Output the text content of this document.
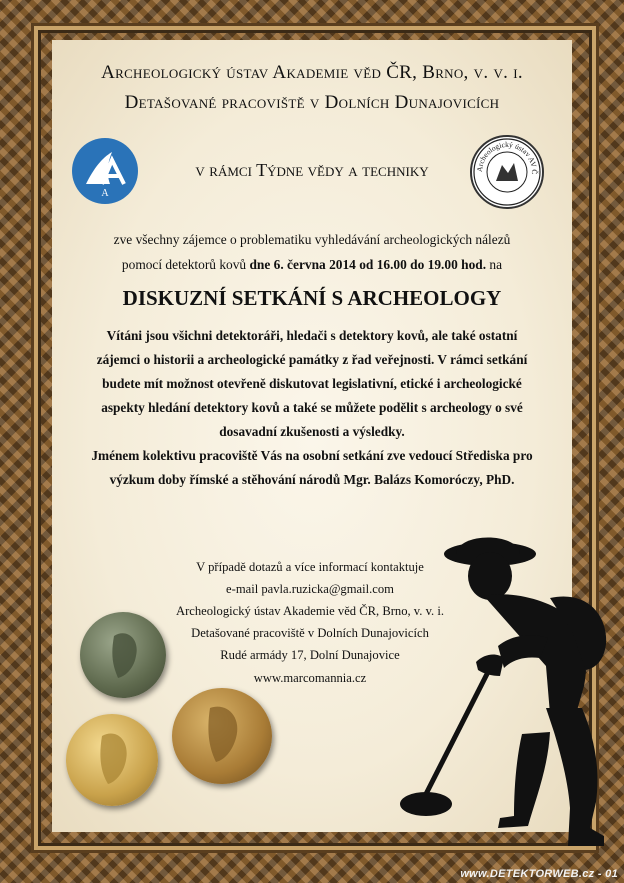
Archeologický ústav Akademie věd ČR, Brno, v. v. i.
Detašované pracoviště v Dolních Dunajovicích
A
v rámci Týdne vědy a techniky	Archeologický ústav AV Č
zve všechny zájemce o problematiku vyhledávání archeologických nálezů
pomocí detektorů kovů dne 6. června 2014 od 16.00 do 19.00 hod. na
DISKUZNÍ SETKÁNÍ S ARCHEOLOGY
Vítáni jsou všichni detektoráři, hledači s detektory kovů, ale také ostatní
zájemci o historii a archeologické památky z řad veřejnosti. V rámci setkání
budete mít možnost otevřeně diskutovat legislativní, etické i archeologické
aspekty hledání detektory kovů a také se můžete podělit s archeology o své
dosavadní zkušenosti a výsledky.
Jménem kolektivu pracoviště Vás na osobní setkání zve vedoucí Střediska pro
výzkum doby římské a stěhování národů Mgr. Balázs Komoróczy, PhD.
V případě dotazů a více informací kontaktuje
e-mail pavla.ruzicka@gmail.com
Archeologický ústav Akademie věd ČR, Brno, v. v. i.
Detašované pracoviště v Dolních Dunajovicích
Rudé armády 17, Dolní Dunajovice
www.marcomannia.cz
www.DETEKTORWEB.cz - 01
